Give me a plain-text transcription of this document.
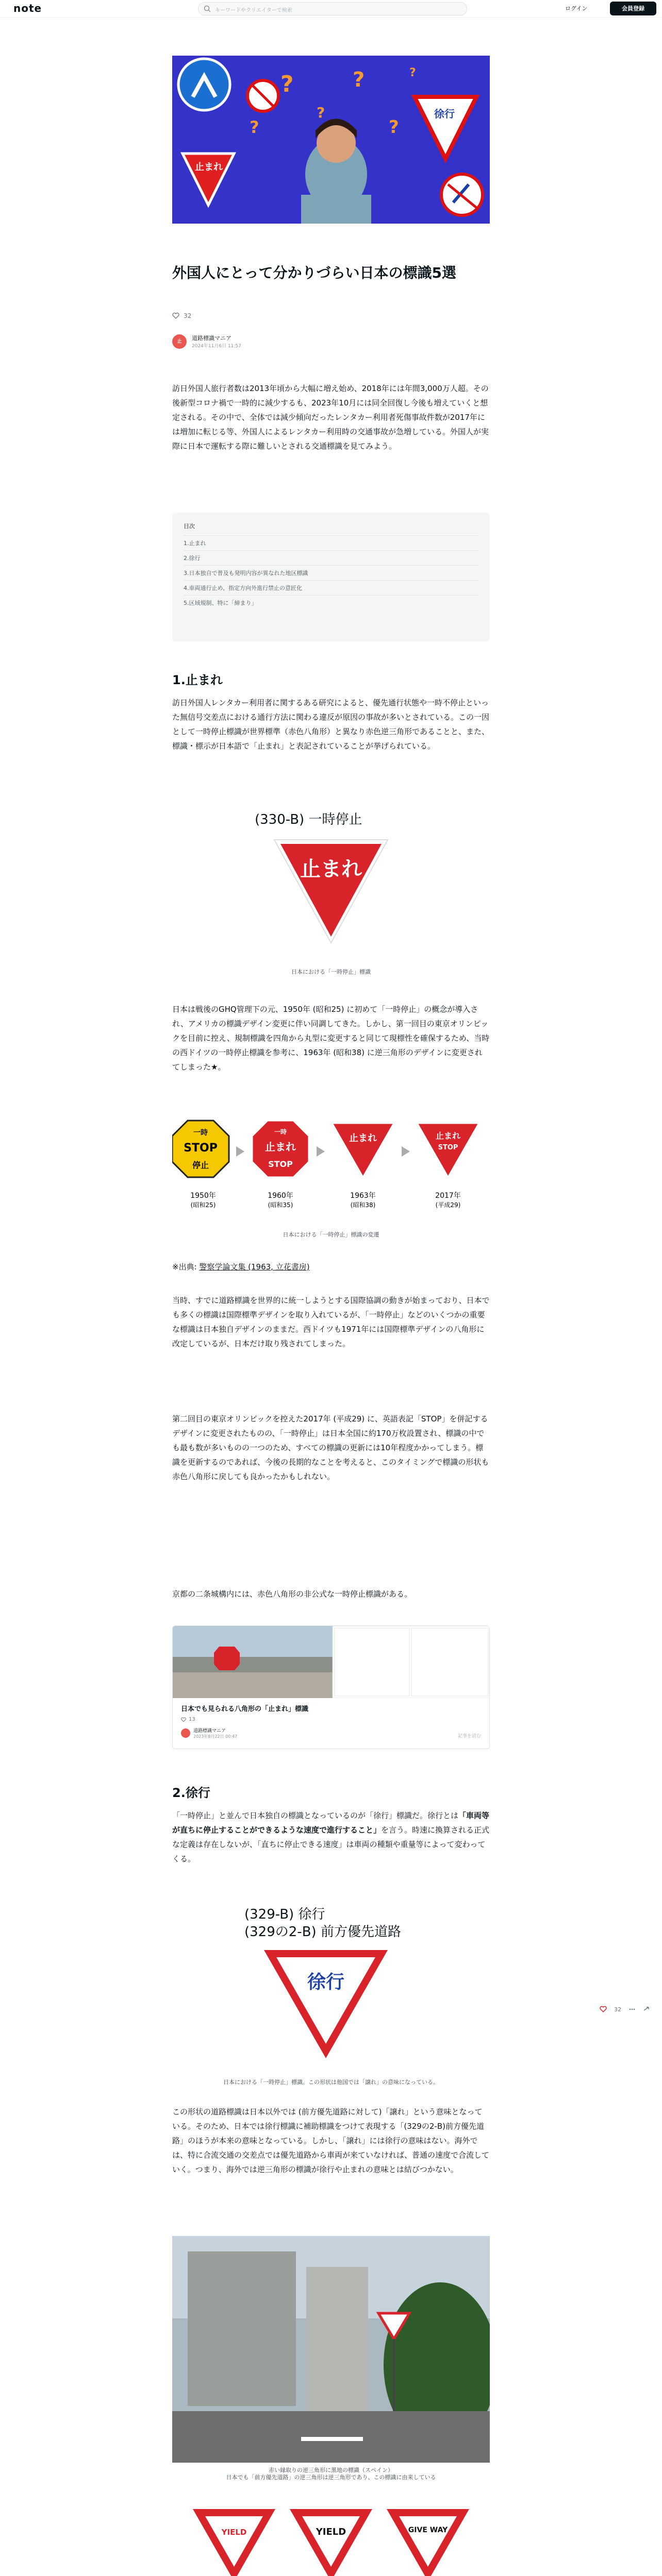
note	キーワードやクリエイターで検索	ログイン	会員登録
?	?
?
?	?
?
止まれ
徐行
外国人にとって分かりづらい日本の標識5選
32
止	道路標識マニア
2024年11月6日 11:57

訪日外国人旅行者数は2013年頃から大幅に増え始め、2018年には年間3,000万人超。その後新型コロナ禍で一時的に減少するも、2023年10月には同全回復し今後も増えていくと想定される。その中で、全体では減少傾向だったレンタカー利用者死傷事故件数が2017年には増加に転じる等、外国人によるレンタカー利用時の交通事故が急増している。外国人が実際に日本で運転する際に難しいとされる交通標識を見てみよう。

目次
1.止まれ
2.徐行
3.日本独自で普及も発明内容が異なれた地区標識
4.車両通行止め、指定方向外進行禁止の意匠化
5.区域規制、特に「締まり」
1.止まれ

訪日外国人レンタカー利用者に関するある研究によると、優先通行状態や一時不停止といった無信号交差点における通行方法に関わる違反が原因の事故が多いとされている。この一因として一時停止標識が世界標準（赤色八角形）と異なり赤色逆三角形であることと、また、標識・標示が日本語で「止まれ」と表記されていることが挙げられている。

(330-B) 一時停止
止まれ
日本における「一時停止」標識

日本は戦後のGHQ管理下の元、1950年 (昭和25) に初めて「一時停止」の概念が導入され、アメリカの標識デザイン変更に伴い同調してきた。しかし、第一回目の東京オリンピックを目前に控え、規制標識を四角から丸型に変更すると同じて現標性を確保するため、当時の西ドイツの一時停止標識を参考に、1963年 (昭和38) に逆三角形のデザインに変更されてしまった★。

一時
STOP
停止
1950年
(昭和25)
一時
止まれ
STOP
1960年
(昭和35)
止まれ
1963年
(昭和38)
止まれ
STOP
2017年
(平成29)
日本における「一時停止」標識の変遷

※出典: 警察学論文集 (1963, 立花書房)

当時、すでに道路標識を世界的に統一しようとする国際協調の動きが始まっており、日本でも多くの標識は国際標準デザインを取り入れているが、「一時停止」などのいくつかの重要な標識は日本独自デザインのままだ。西ドイツも1971年には国際標準デザインの八角形に改定しているが、日本だけ取り残されてしまった。

第二回目の東京オリンピックを控えた2017年 (平成29) に、英語表記「STOP」を併記するデザインに変更されたものの、「一時停止」は日本全国に約170万枚設置され、標識の中でも最も数が多いものの一つのため、すべての標識の更新には10年程度かかってしまう。標識を更新するのであれば、今後の長期的なことを考えると、このタイミングで標識の形状も赤色八角形に戻しても良かったかもしれない。

京都の二条城構内には、赤色八角形の非公式な一時停止標識がある。

日本でも見られる八角形の「止まれ」標識
13
道路標識マニア
2023年8月22日 00:47	記事を読む
2.徐行

「一時停止」と並んで日本独自の標識となっているのが「徐行」標識だ。徐行とは「車両等が直ちに停止することができるような速度で進行すること」を言う。時速に換算される正式な定義は存在しないが、「直ちに停止できる速度」は車両の種類や重量等によって変わってくる。

(329-B) 徐行
(329の2-B) 前方優先道路
徐行
日本における「一時停止」標識。この形状は他国では「譲れ」の意味になっている。

この形状の道路標識は日本以外では (前方優先道路に対して)「譲れ」という意味となっている。そのため、日本では徐行標識に補助標識をつけて表現する「(329の2-B)前方優先道路」のほうが本来の意味となっている。しかし、「譲れ」には徐行の意味はない。海外では、特に合流交通の交差点では優先道路から車両が来ていなければ、普通の速度で合流していく。つまり、海外では逆三角形の標識が徐行や止まれの意味とは結びつかない。

赤い縁取りの逆三角形に黒地の標識（スペイン）
日本でも「前方優先道路」の逆三角形は逆三角形であり、この標識に由来している
YIELD	YIELD	GIVE WAY

32
